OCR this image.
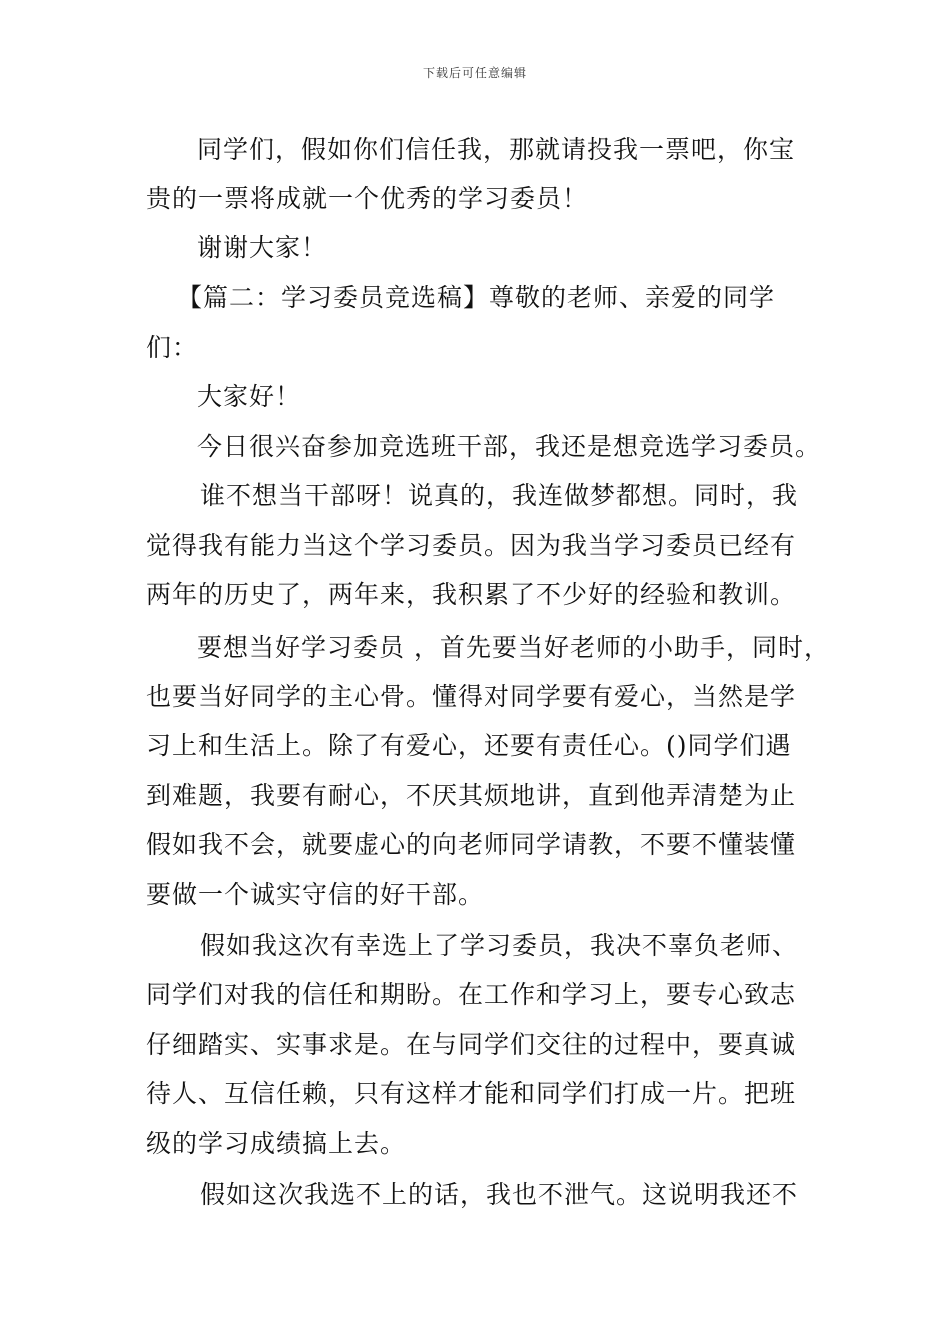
下载后可任意编辑
同学们，假如你们信任我，那就请投我一票吧，你宝
贵的一票将成就一个优秀的学习委员！
谢谢大家！
【篇二：学习委员竞选稿】尊敬的老师、亲爱的同学
们：
大家好！
今日很兴奋参加竞选班干部，我还是想竞选学习委员。
谁不想当干部呀！说真的，我连做梦都想。同时，我
觉得我有能力当这个学习委员。因为我当学习委员已经有
两年的历史了，两年来，我积累了不少好的经验和教训。
要想当好学习委员 ，首先要当好老师的小助手，同时，
也要当好同学的主心骨。懂得对同学要有爱心，当然是学
习上和生活上。除了有爱心，还要有责任心。()同学们遇
到难题，我要有耐心，不厌其烦地讲，直到他弄清楚为止
假如我不会，就要虚心的向老师同学请教，不要不懂装懂
要做一个诚实守信的好干部。
假如我这次有幸选上了学习委员，我决不辜负老师、
同学们对我的信任和期盼。在工作和学习上，要专心致志
仔细踏实、实事求是。在与同学们交往的过程中，要真诚
待人、互信任赖，只有这样才能和同学们打成一片。把班
级的学习成绩搞上去。
假如这次我选不上的话，我也不泄气。这说明我还不
